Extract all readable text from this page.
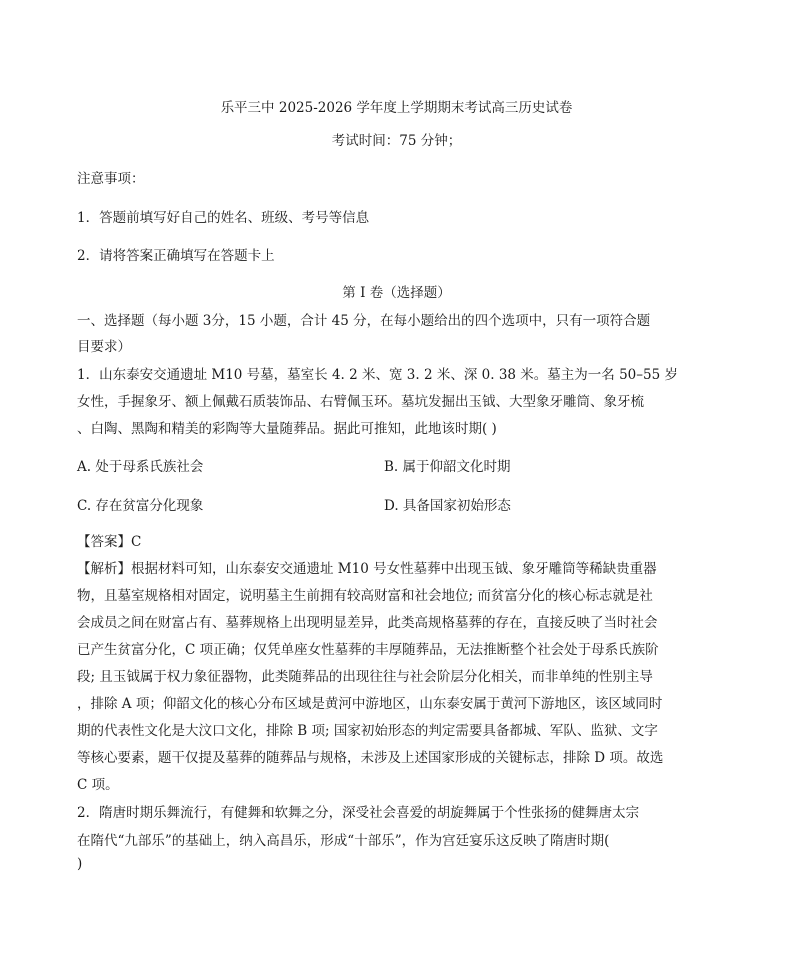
乐平三中 2025-2026 学年度上学期期末考试高三历史试卷
考试时间：75 分钟；
注意事项：
1．答题前填写好自己的姓名、班级、考号等信息
2．请将答案正确填写在答题卡上
第 I 卷（选择题）
一、选择题（每小题 3分，15 小题，合计 45 分，在每小题给出的四个选项中，只有一项符合题
目要求）
1．山东泰安交通遗址 M10 号墓，墓室长 4. 2 米、宽 3. 2 米、深 0. 38 米。墓主为一名 50–55 岁
女性，手握象牙、额上佩戴石质装饰品、右臂佩玉环。墓坑发掘出玉钺、大型象牙雕筒、象牙梳
、白陶、黑陶和精美的彩陶等大量随葬品。据此可推知，此地该时期( )
A. 处于母系氏族社会	B. 属于仰韶文化时期
C. 存在贫富分化现象	D. 具备国家初始形态
【答案】C
【解析】根据材料可知，山东泰安交通遗址 M10 号女性墓葬中出现玉钺、象牙雕筒等稀缺贵重器
物，且墓室规格相对固定，说明墓主生前拥有较高财富和社会地位; 而贫富分化的核心标志就是社
会成员之间在财富占有、墓葬规格上出现明显差异，此类高规格墓葬的存在，直接反映了当时社会
已产生贫富分化，C 项正确；仅凭单座女性墓葬的丰厚随葬品，无法推断整个社会处于母系氏族阶
段; 且玉钺属于权力象征器物，此类随葬品的出现往往与社会阶层分化相关，而非单纯的性别主导
，排除 A 项；仰韶文化的核心分布区域是黄河中游地区，山东泰安属于黄河下游地区，该区域同时
期的代表性文化是大汶口文化，排除 B 项; 国家初始形态的判定需要具备都城、军队、监狱、文字
等核心要素，题干仅提及墓葬的随葬品与规格，未涉及上述国家形成的关键标志，排除 D 项。故选
C 项。
2．隋唐时期乐舞流行，有健舞和软舞之分，深受社会喜爱的胡旋舞属于个性张扬的健舞唐太宗
在隋代“九部乐”的基础上，纳入高昌乐，形成“十部乐”，作为宫廷宴乐这反映了隋唐时期(
)
